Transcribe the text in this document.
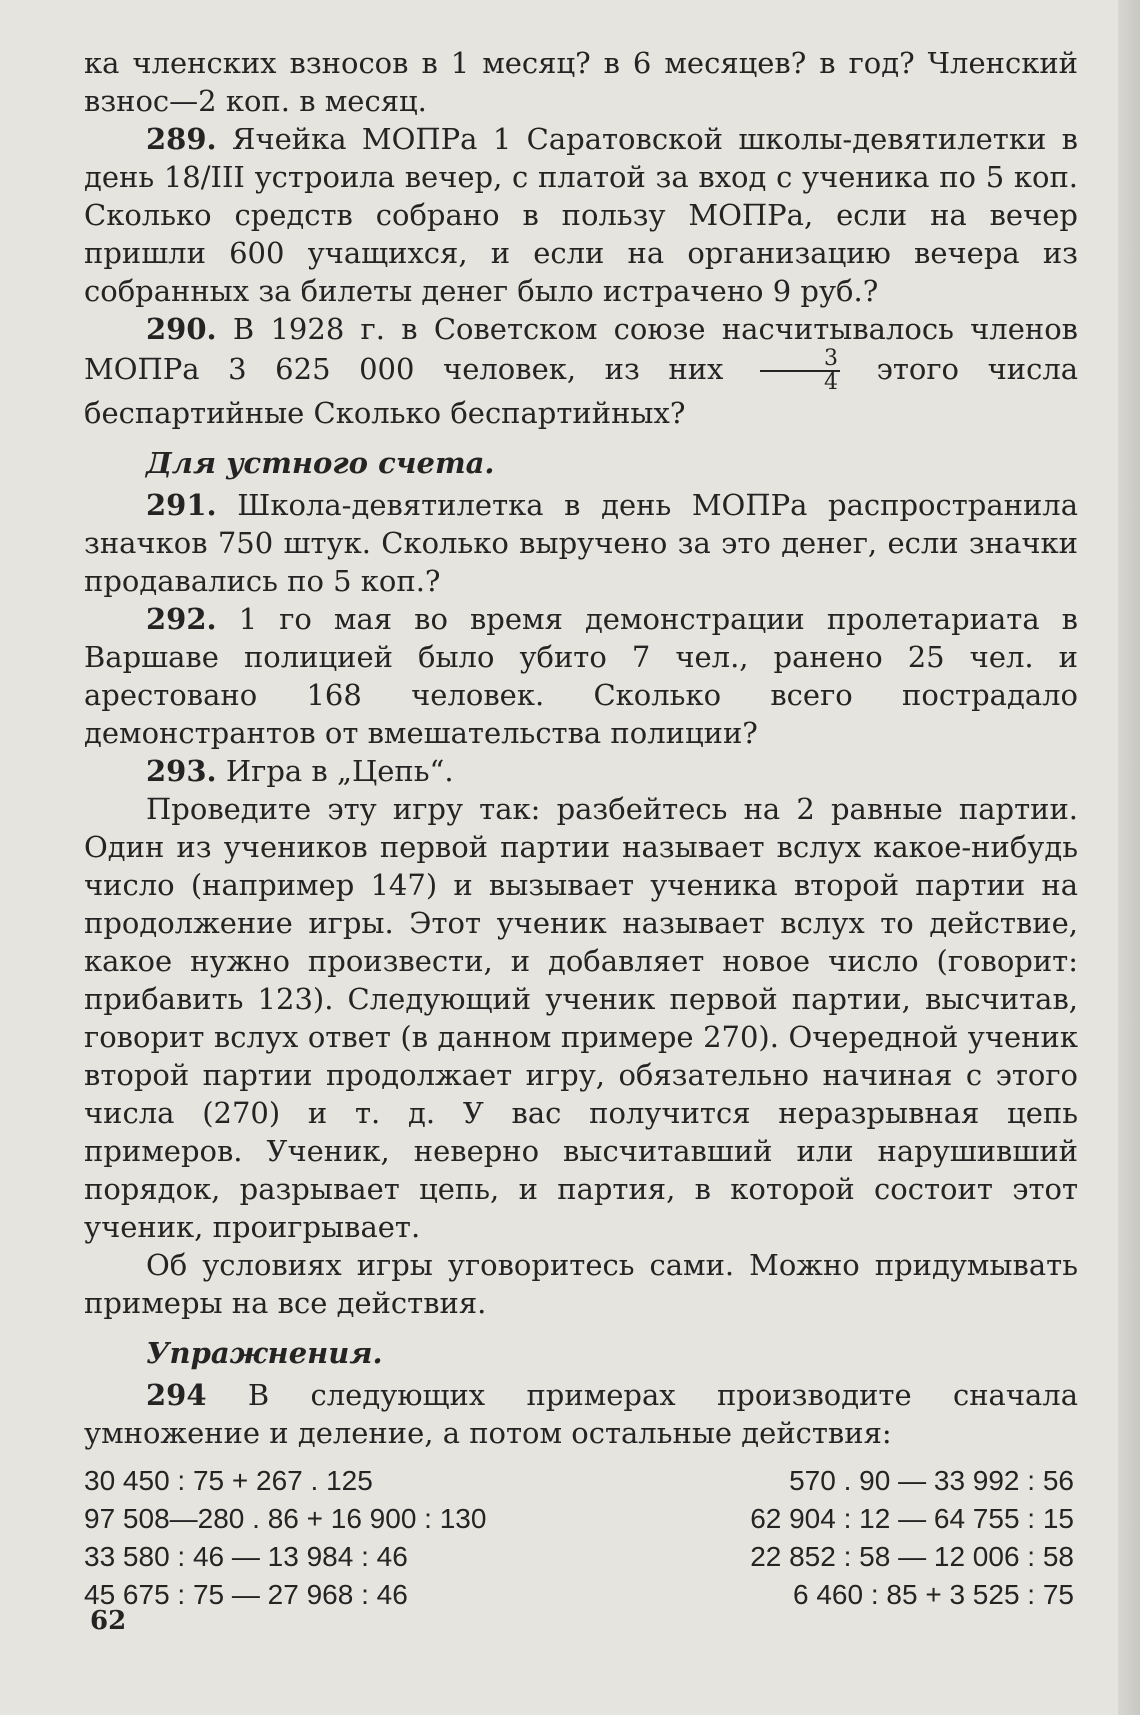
ка членских взносов в 1 месяц? в 6 месяцев? в год? Членский взнос—2 коп. в месяц.

289. Ячейка МОПРа 1 Саратовской школы-девятилетки в день 18/III устроила вечер, с платой за вход с ученика по 5 коп. Сколько средств собрано в пользу МОПРа, если на вечер пришли 600 учащихся, и если на организацию вечера из собранных за билеты денег было истрачено 9 руб.?

290. В 1928 г. в Советском союзе насчитывалось членов МОПРа 3 625 000 человек, из них $\frac{3}{4}$ этого числа беспартийные Сколько беспартийных?

Для устного счета.

291. Школа-девятилетка в день МОПРа распространила значков 750 штук. Сколько выручено за это денег, если значки продавались по 5 коп.?

292. 1 го мая во время демонстрации пролетариата в Варшаве полицией было убито 7 чел., ранено 25 чел. и арестовано 168 человек. Сколько всего пострадало демонстрантов от вмешательства полиции?

293. Игра в „Цепь“.

Проведите эту игру так: разбейтесь на 2 равные партии. Один из учеников первой партии называет вслух какое-нибудь число (например 147) и вызывает ученика второй партии на продолжение игры. Этот ученик называет вслух то действие, какое нужно произвести, и добавляет новое число (говорит: прибавить 123). Следующий ученик первой партии, высчитав, говорит вслух ответ (в данном примере 270). Очередной ученик второй партии продолжает игру, обязательно начиная с этого числа (270) и т. д. У вас получится неразрывная цепь примеров. Ученик, неверно высчитавший или нарушивший порядок, разрывает цепь, и партия, в которой состоит этот ученик, проигрывает.

Об условиях игры уговоритесь сами. Можно придумывать примеры на все действия.

Упражнения.

294 В следующих примерах производите сначала умножение и деление, а потом остальные действия:

30 450 : 75 + 267 . 125	570 . 90 — 33 992 : 56
97 508—280 . 86 + 16 900 : 130	62 904 : 12 — 64 755 : 15
33 580 : 46 — 13 984 : 46	22 852 : 58 — 12 006 : 58
45 675 : 75 — 27 968 : 46	6 460 : 85 + 3 525 : 75
62
